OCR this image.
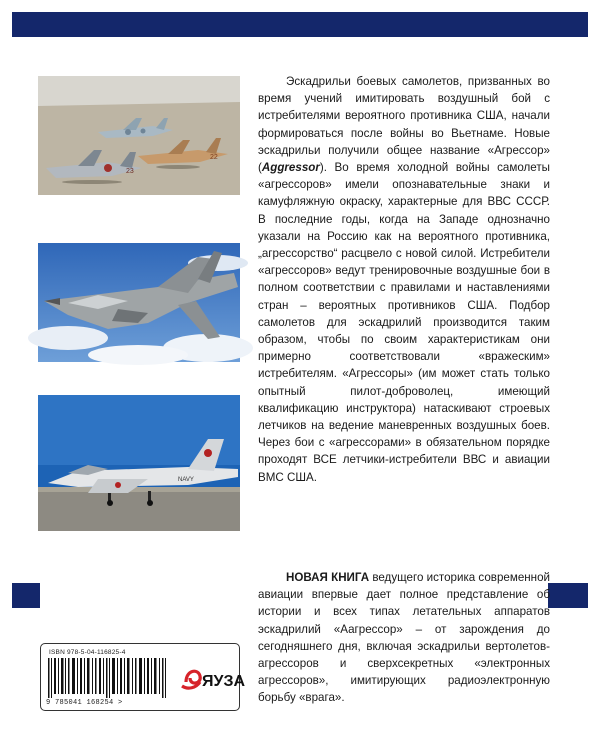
22
23
NAVY

Эскадрильи боевых самолетов, призванных во время учений имитировать воздушный бой с истребителями вероятного противника США, начали формироваться после войны во Вьетнаме. Новые эскадрильи получили общее название «Агрессор» (Aggressor). Во время холодной войны самолеты «агрессоров» имели опознавательные знаки и камуфляжную окраску, характерные для ВВС СССР. В последние годы, когда на Западе однозначно указали на Россию как на вероятного противника, „агрессорство“ расцвело с новой силой. Истребители «агрессоров» ведут тренировочные воздушные бои в полном соответствии с правилами и наставлениями стран – вероятных противников США. Подбор самолетов для эскадрилий производится таким образом, чтобы по своим характеристикам они примерно соответствовали «вражеским» истребителям. «Агрессоры» (им может стать только опытный пилот-доброволец, имеющий квалификацию инструктора) натаскивают строевых летчиков на ведение маневренных воздушных боев. Через бои с «агрессорами» в обязательном порядке проходят ВСЕ летчики-истребители ВВС и авиации ВМС США.

НОВАЯ КНИГА ведущего историка современной авиации впервые дает полное представление об истории и всех типах летательных аппаратов эскадрилий «Аагрессор» – от зарождения до сегодняшнего дня, включая эскадрильи вертолетов-агрессоров и сверхсекретных «электронных агрессоров», имитирующих радиоэлектронную борьбу «врага».

ISBN 978-5-04-116825-4
9 785041 168254 >
ЯУЗА
